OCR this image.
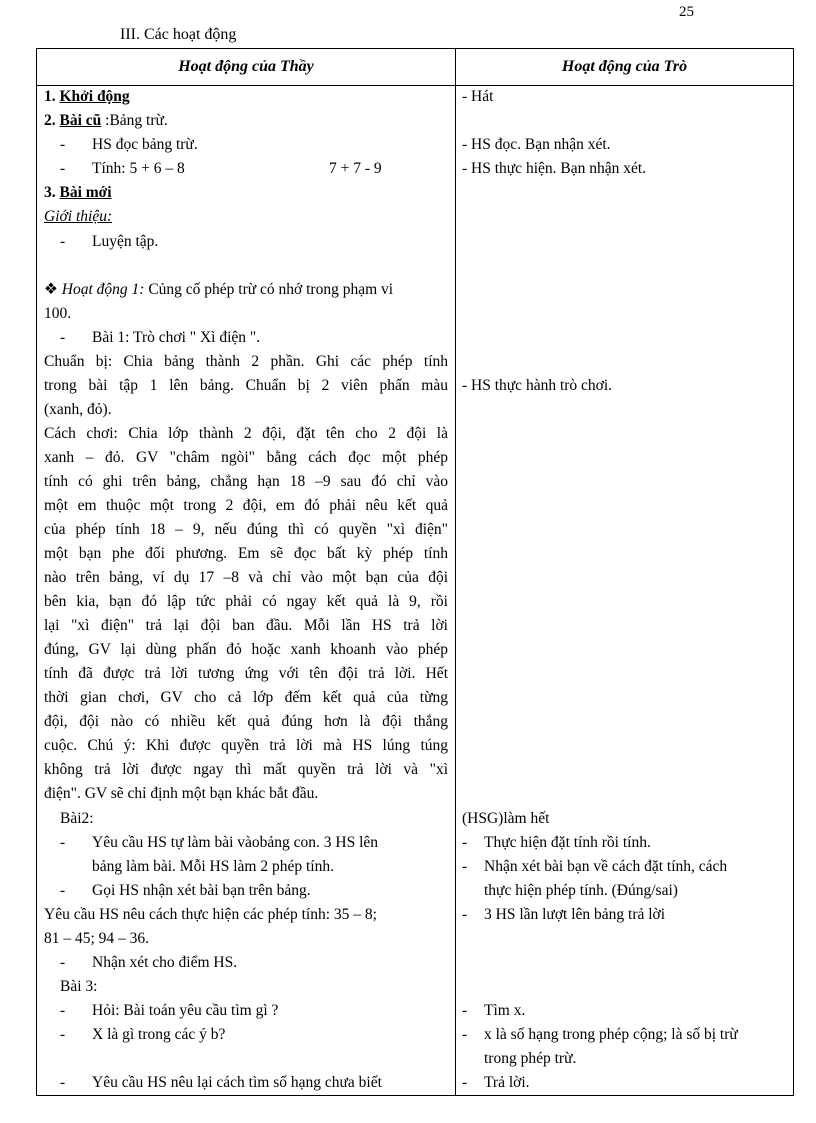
25
III. Các hoạt động
Hoạt động của Thầy	Hoạt động của Trò
1. Khởi động
2. Bài cũ :Bảng trừ.
- HS đọc bảng trừ.
- Tính: 5 + 6 – 8	7 + 7 - 9
3. Bài mới
Giới thiệu:
- Luyện tập.
❖ Hoạt động 1: Củng cố phép trừ có nhớ trong phạm vi
100.
- Bài 1: Trò chơi " Xì điện ".
Chuẩn bị: Chia bảng thành 2 phần. Ghi các phép tính
trong bài tập 1 lên bảng. Chuẩn bị 2 viên phấn màu
(xanh, đỏ).
Cách chơi: Chia lớp thành 2 đội, đặt tên cho 2 đội là
xanh – đỏ. GV "châm ngòi" bằng cách đọc một phép
tính có ghi trên bảng, chẳng hạn 18 –9 sau đó chỉ vào
một em thuộc một trong 2 đội, em đó phải nêu kết quả
của phép tính 18 – 9, nếu đúng thì có quyền "xì điện"
một bạn phe đối phương. Em sẽ đọc bất kỳ phép tính
nào trên bảng, ví dụ 17 –8 và chỉ vào một bạn của đội
bên kia, bạn đó lập tức phải có ngay kết quả là 9, rồi
lại "xì điện" trả lại đội ban đầu. Mỗi lần HS trả lời
đúng, GV lại dùng phấn đỏ hoặc xanh khoanh vào phép
tính đã được trả lời tương ứng với tên đội trả lời. Hết
thời gian chơi, GV cho cả lớp đếm kết quả của từng
đội, đội nào có nhiều kết quả đúng hơn là đội thắng
cuộc. Chú ý: Khi được quyền trả lời mà HS lúng túng
không trả lời được ngay thì mất quyền trả lời và "xì
điện". GV sẽ chỉ định một bạn khác bắt đầu.
Bài2:
- Yêu cầu HS tự làm bài vàobảng con. 3 HS lên
bảng làm bài. Mỗi HS làm 2 phép tính.
- Gọi HS nhận xét bài bạn trên bảng.
Yêu cầu HS nêu cách thực hiện các phép tính: 35 – 8;
81 – 45; 94 – 36.
- Nhận xét cho điểm HS.
Bài 3:
- Hỏi: Bài toán yêu cầu tìm gì ?
- X là gì trong các ý b?
- Yêu cầu HS nêu lại cách tìm số hạng chưa biết
- Hát
- HS đọc. Bạn nhận xét.
- HS thực hiện. Bạn nhận xét.
- HS thực hành trò chơi.
(HSG)làm hết
- Thực hiện đặt tính rồi tính.
- Nhận xét bài bạn về cách đặt tính, cách
thực hiện phép tính. (Đúng/sai)
- 3 HS lần lượt lên bảng trả lời
- Tìm x.
- x là số hạng trong phép cộng; là số bị trừ
trong phép trừ.
- Trả lời.
